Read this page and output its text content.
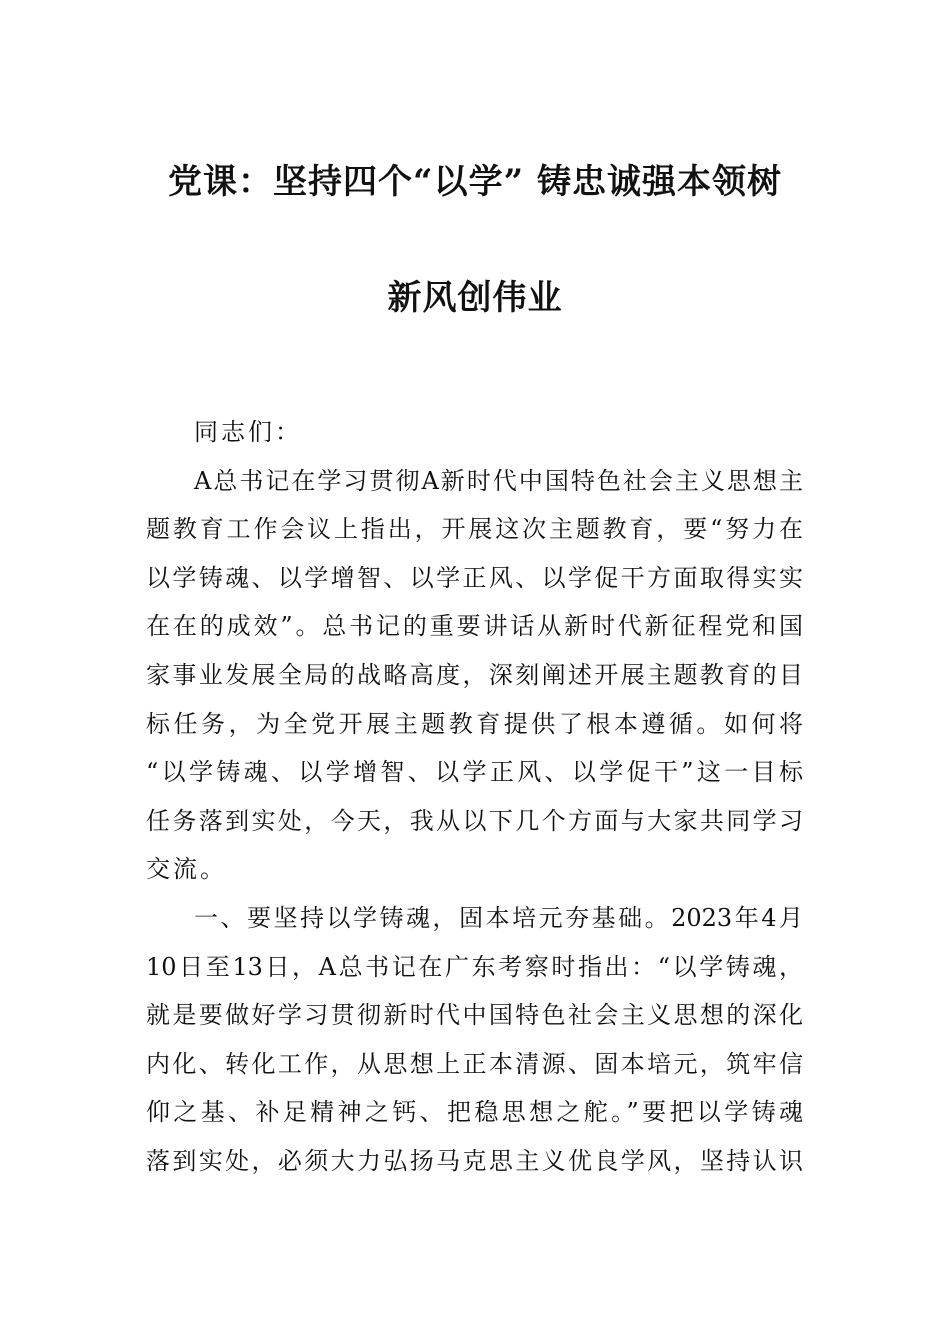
党课：坚持四个“以学” 铸忠诚强本领树
新风创伟业
同志们：
A总书记在学习贯彻A新时代中国特色社会主义思想主
题教育工作会议上指出，开展这次主题教育，要“努力在
以学铸魂、以学增智、以学正风、以学促干方面取得实实
在在的成效”。总书记的重要讲话从新时代新征程党和国
家事业发展全局的战略高度，深刻阐述开展主题教育的目
标任务，为全党开展主题教育提供了根本遵循。如何将
“以学铸魂、以学增智、以学正风、以学促干”这一目标
任务落到实处，今天，我从以下几个方面与大家共同学习
交流。
一、要坚持以学铸魂，固本培元夯基础。2023年4月
10日至13日，A总书记在广东考察时指出：“以学铸魂，
就是要做好学习贯彻新时代中国特色社会主义思想的深化
内化、转化工作，从思想上正本清源、固本培元，筑牢信
仰之基、补足精神之钙、把稳思想之舵。”要把以学铸魂
落到实处，必须大力弘扬马克思主义优良学风，坚持认识
